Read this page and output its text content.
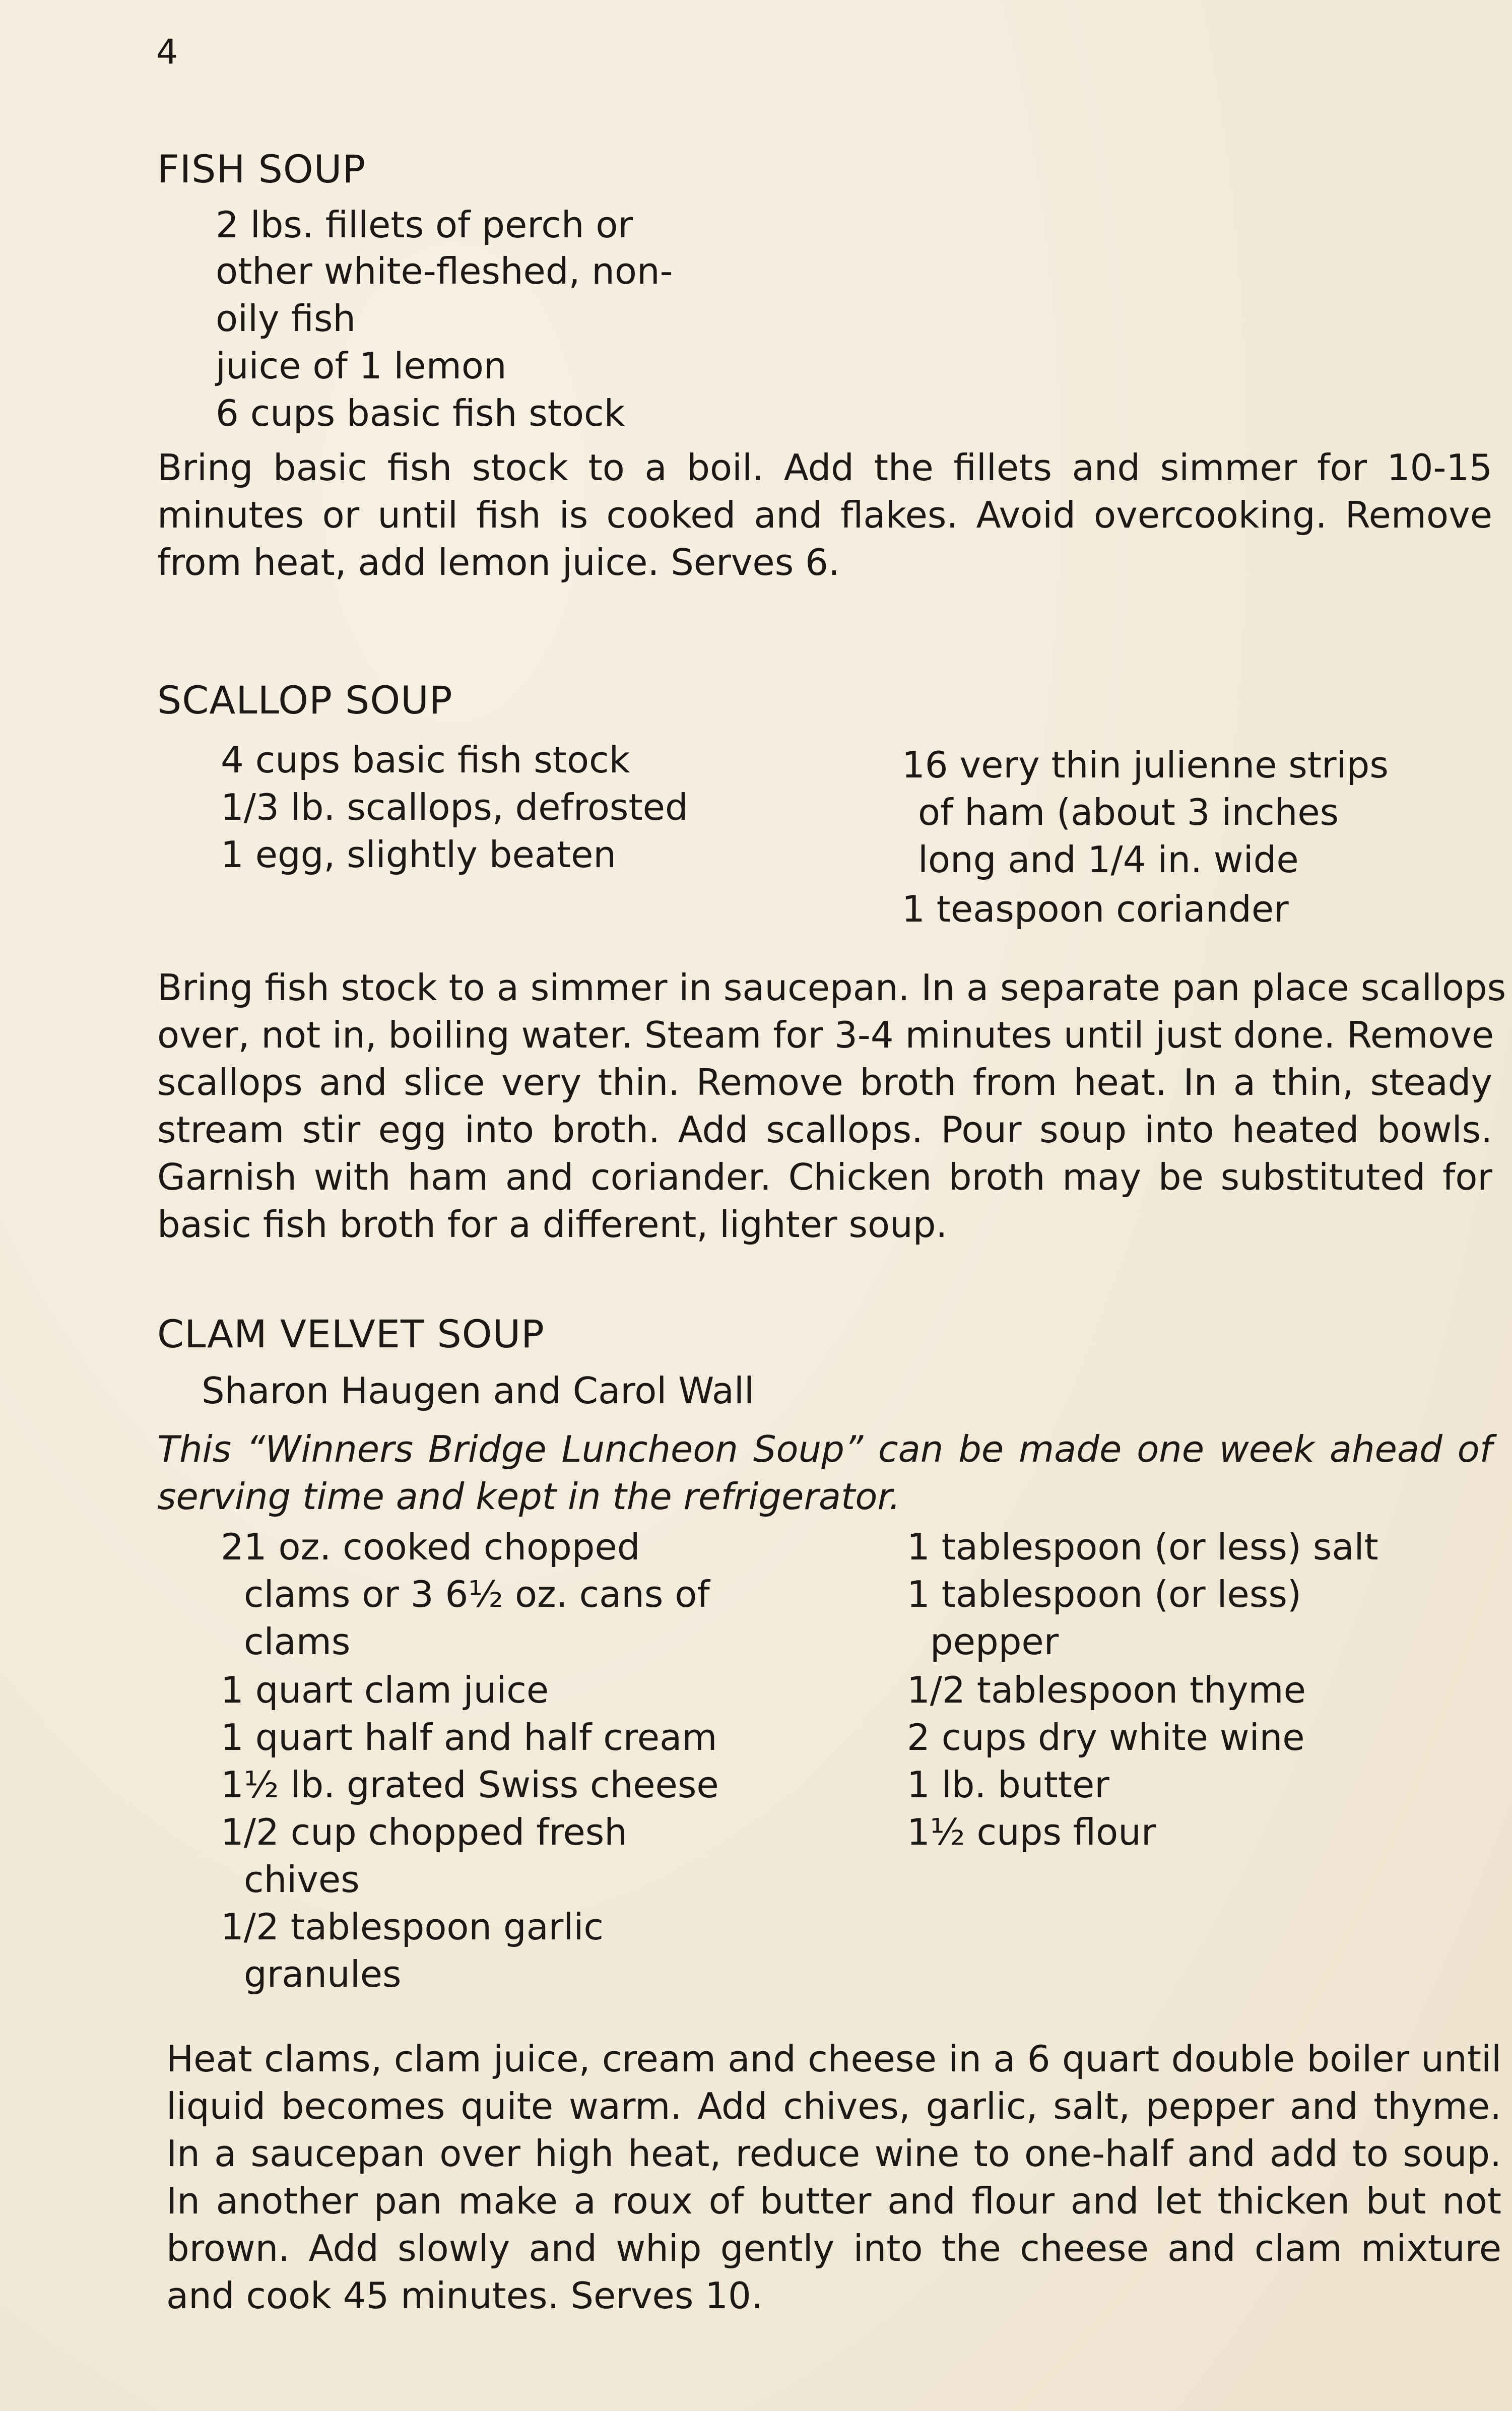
4
FISH SOUP
2 lbs. fillets of perch or
other white-fleshed, non-
oily fish
juice of 1 lemon
6 cups basic fish stock
Bring basic fish stock to a boil. Add the fillets and simmer for 10-15
minutes or until fish is cooked and flakes. Avoid overcooking. Remove
from heat, add lemon juice. Serves 6.
SCALLOP SOUP
4 cups basic fish stock
1/3 lb. scallops, defrosted
1 egg, slightly beaten
16 very thin julienne strips
of ham (about 3 inches
long and 1/4 in. wide
1 teaspoon coriander
Bring fish stock to a simmer in saucepan. In a separate pan place scallops
over, not in, boiling water. Steam for 3-4 minutes until just done. Remove
scallops and slice very thin. Remove broth from heat. In a thin, steady
stream stir egg into broth. Add scallops. Pour soup into heated bowls.
Garnish with ham and coriander. Chicken broth may be substituted for
basic fish broth for a different, lighter soup.
CLAM VELVET SOUP
Sharon Haugen and Carol Wall
This “Winners Bridge Luncheon Soup” can be made one week ahead of
serving time and kept in the refrigerator.
21 oz. cooked chopped
clams or 3 6½ oz. cans of
clams
1 quart clam juice
1 quart half and half cream
1½ lb. grated Swiss cheese
1/2 cup chopped fresh
chives
1/2 tablespoon garlic
granules
1 tablespoon (or less) salt
1 tablespoon (or less)
pepper
1/2 tablespoon thyme
2 cups dry white wine
1 lb. butter
1½ cups flour
Heat clams, clam juice, cream and cheese in a 6 quart double boiler until
liquid becomes quite warm. Add chives, garlic, salt, pepper and thyme.
In a saucepan over high heat, reduce wine to one-half and add to soup.
In another pan make a roux of butter and flour and let thicken but not
brown. Add slowly and whip gently into the cheese and clam mixture
and cook 45 minutes. Serves 10.
